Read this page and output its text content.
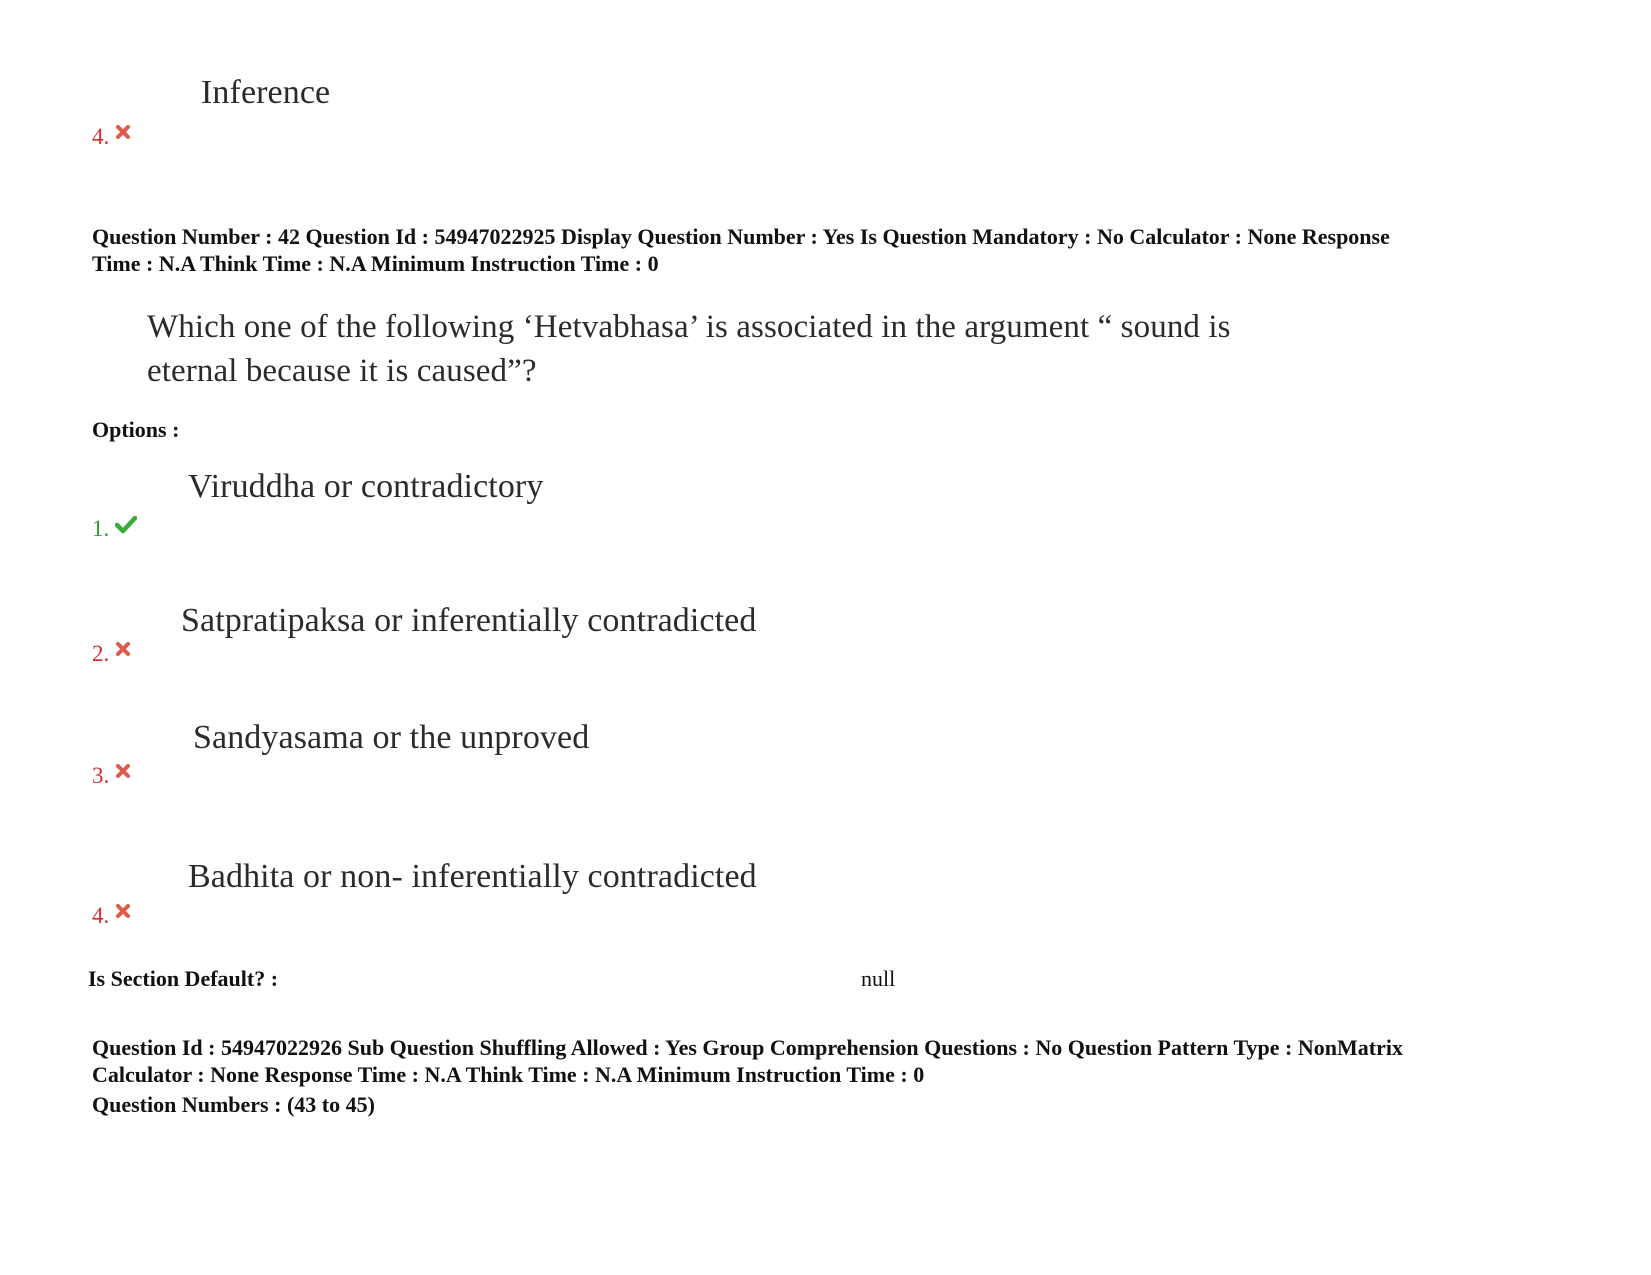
Inference
4.
Question Number : 42 Question Id : 54947022925 Display Question Number : Yes Is Question Mandatory : No Calculator : None Response
Time : N.A Think Time : N.A Minimum Instruction Time : 0
Which one of the following ‘Hetvabhasa’ is associated in the argument “ sound is
eternal because it is caused”?
Options :
Viruddha or contradictory
1.
Satpratipaksa or inferentially contradicted
2.
Sandyasama or the unproved
3.
Badhita or non- inferentially contradicted
4.
Is Section Default? :	null
Question Id : 54947022926 Sub Question Shuffling Allowed : Yes Group Comprehension Questions : No Question Pattern Type : NonMatrix
Calculator : None Response Time : N.A Think Time : N.A Minimum Instruction Time : 0
Question Numbers : (43 to 45)
